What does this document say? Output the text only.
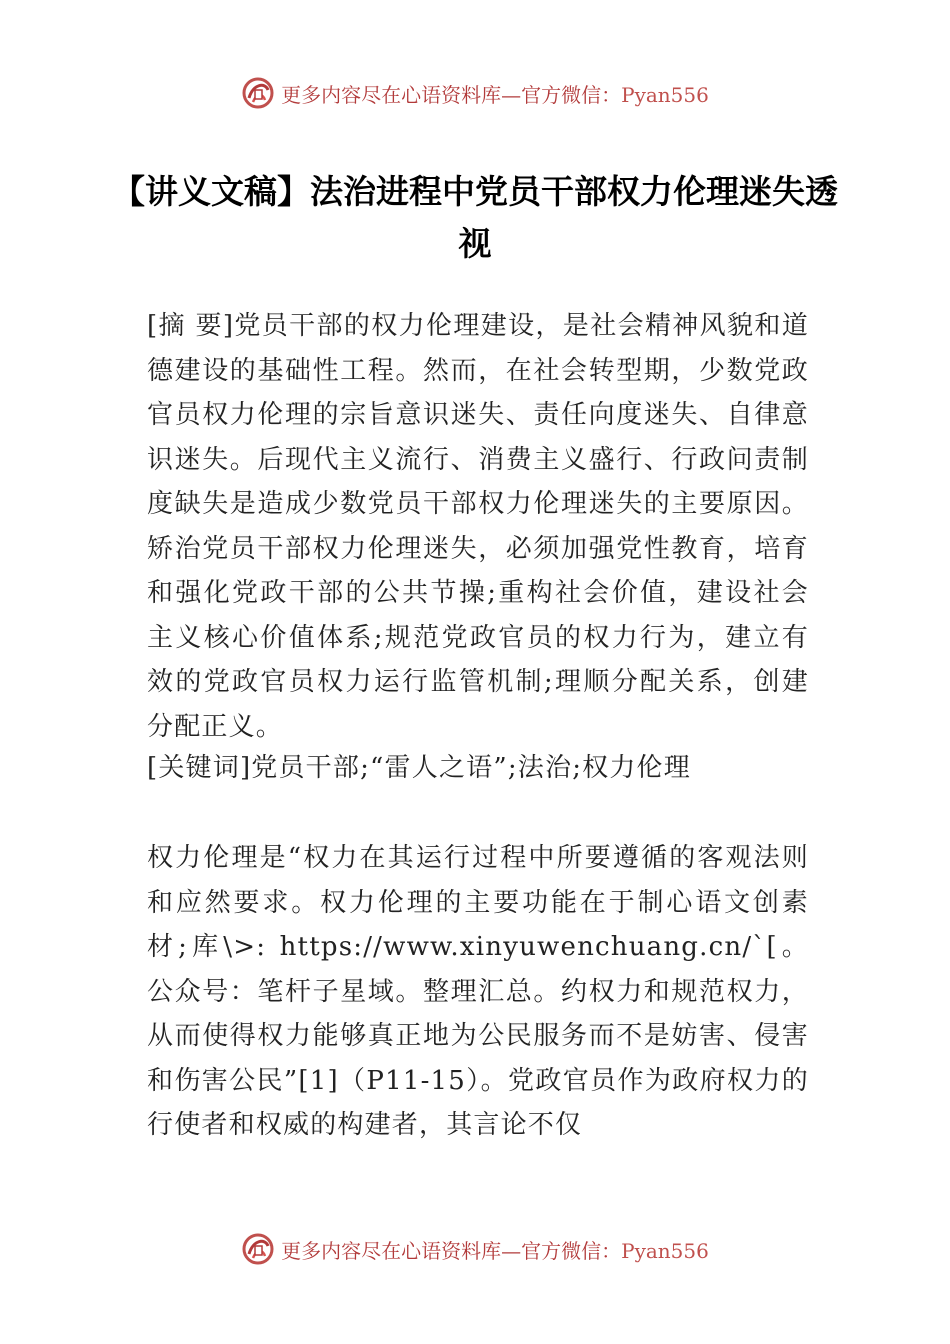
更多内容尽在心语资料库—官方微信：Pyan556
【讲义文稿】法治进程中党员干部权力伦理迷失透视

[摘 要]党员干部的权力伦理建设，是社会精神风貌和道德建设的基础性工程。然而，在社会转型期，少数党政官员权力伦理的宗旨意识迷失、责任向度迷失、自律意识迷失。后现代主义流行、消费主义盛行、行政问责制度缺失是造成少数党员干部权力伦理迷失的主要原因。矫治党员干部权力伦理迷失，必须加强党性教育，培育和强化党政干部的公共节操;重构社会价值，建设社会主义核心价值体系;规范党政官员的权力行为，建立有效的党政官员权力运行监管机制;理顺分配关系，创建分配正义。

[关键词]党员干部;“雷人之语”;法治;权力伦理

权力伦理是“权力在其运行过程中所要遵循的客观法则和应然要求。权力伦理的主要功能在于制心语文创素材;库\>: https://www.xinyuwenchuang.cn/`[。公众号：笔杆子星域。整理汇总。约权力和规范权力，从而使得权力能够真正地为公民服务而不是妨害、侵害和伤害公民”[1]（P11-15）。党政官员作为政府权力的行使者和权威的构建者，其言论不仅

更多内容尽在心语资料库—官方微信：Pyan556
